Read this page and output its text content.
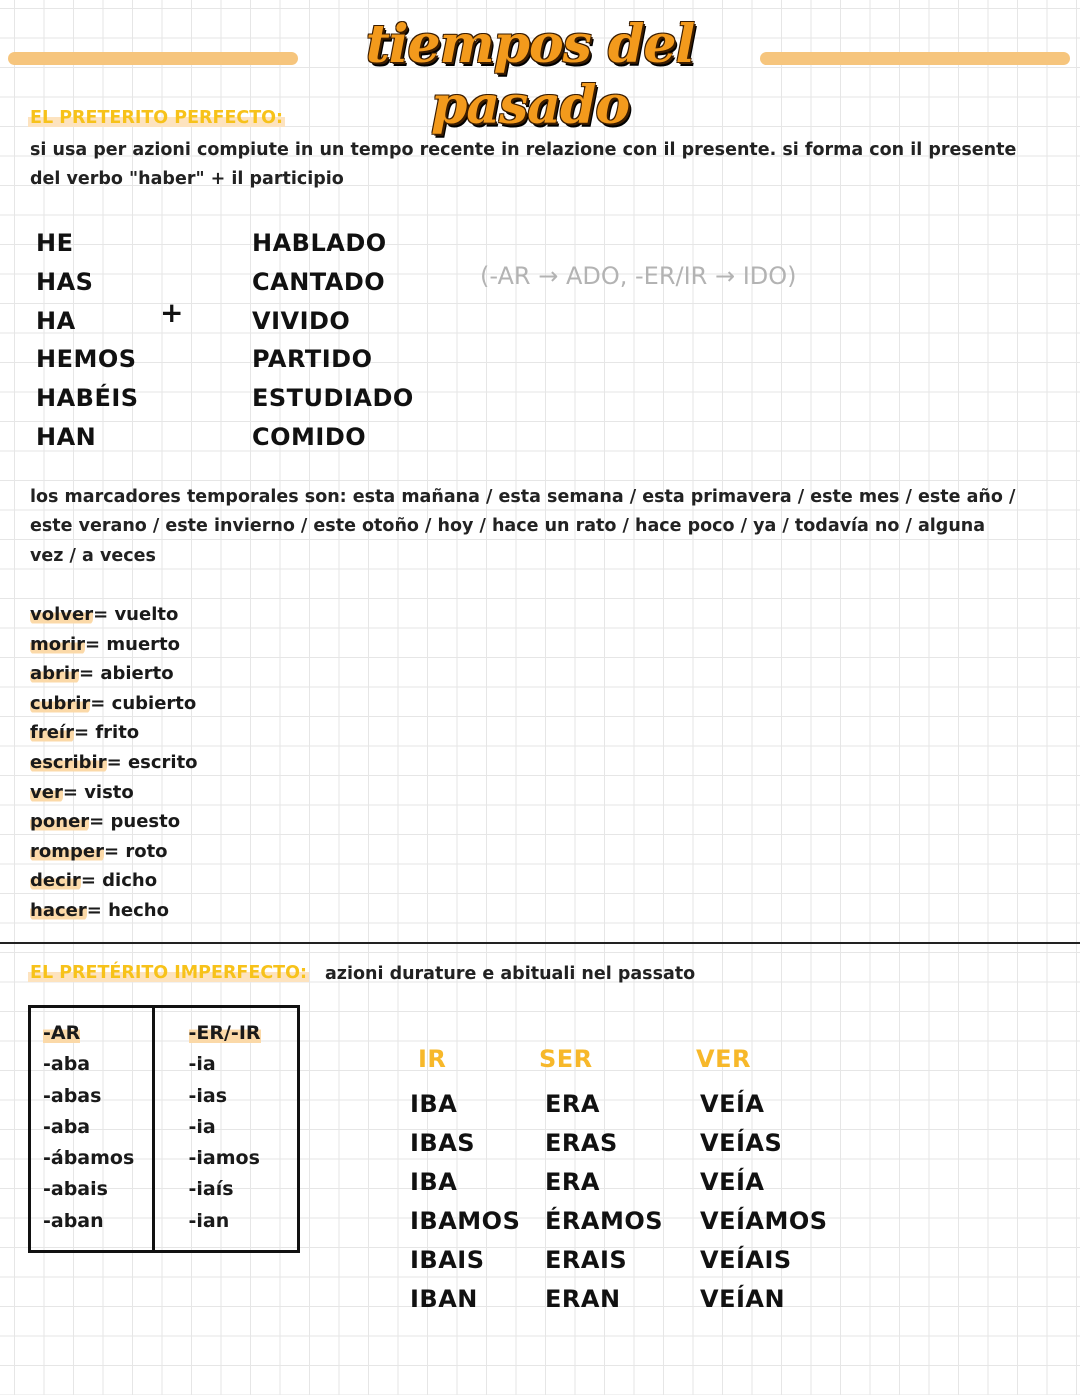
tiempos del pasado
EL PRETERITO PERFECTO:
si usa per azioni compiute in un tempo recente in relazione con il presente. si forma con il presente
del verbo "haber" + il participio
HE
HAS
HA
HEMOS
HABÉIS
HAN
+
HABLADO
CANTADO
VIVIDO
PARTIDO
ESTUDIADO
COMIDO
(-AR → ADO, -ER/IR → IDO)
los marcadores temporales son: esta mañana / esta semana / esta primavera / este mes / este año /
este verano / este invierno / este otoño / hoy / hace un rato / hace poco / ya / todavía no / alguna
vez / a veces
volver= vuelto
morir= muerto
abrir= abierto
cubrir= cubierto
freír= frito
escribir= escrito
ver= visto
poner= puesto
romper= roto
decir= dicho
hacer= hecho
EL PRETÉRITO IMPERFECTO: azioni durature e abituali nel passato
-AR
-aba
-abas
-aba
-ábamos
-abais
-aban
-ER/-IR
-ia
-ias
-ia
-iamos
-iaís
-ian
IR
IBA
IBAS
IBA
IBAMOS
IBAIS
IBAN
SER
ERA
ERAS
ERA
ÉRAMOS
ERAIS
ERAN
VER
VEÍA
VEÍAS
VEÍA
VEÍAMOS
VEÍAIS
VEÍAN
